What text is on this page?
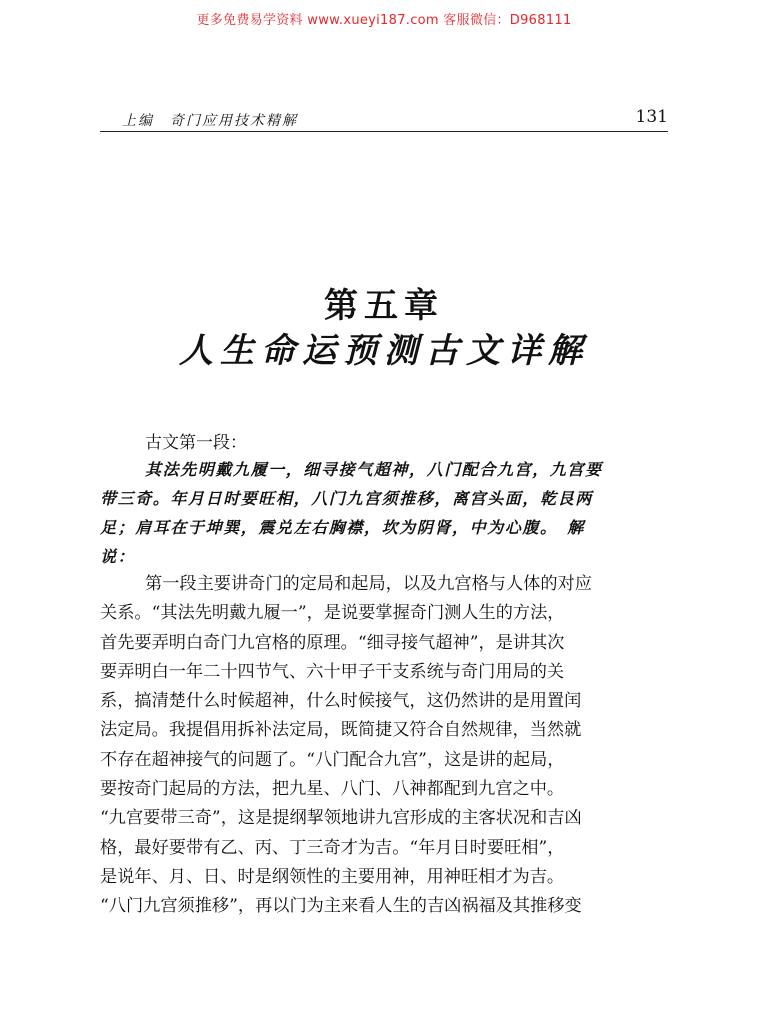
更多免费易学资料 www.xueyi187.com 客服微信：D968111
上编　奇门应用技术精解	131
第五章
人生命运预测古文详解
古文第一段：

其法先明戴九履一，细寻接气超神，八门配合九宫，九宫要

带三奇。年月日时要旺相，八门九宫须推移，离宫头面，乾艮两

足；肩耳在于坤巽，震兑左右胸襟，坎为阴肾，中为心腹。　解

说：

第一段主要讲奇门的定局和起局，以及九宫格与人体的对应

关系。“其法先明戴九履一”，是说要掌握奇门测人生的方法，

首先要弄明白奇门九宫格的原理。“细寻接气超神”，是讲其次

要弄明白一年二十四节气、六十甲子干支系统与奇门用局的关

系，搞清楚什么时候超神，什么时候接气，这仍然讲的是用置闰

法定局。我提倡用拆补法定局，既简捷又符合自然规律，当然就

不存在超神接气的问题了。“八门配合九宫”，这是讲的起局，

要按奇门起局的方法，把九星、八门、八神都配到九宫之中。

“九宫要带三奇”，这是提纲挈领地讲九宫形成的主客状况和吉凶

格，最好要带有乙、丙、丁三奇才为吉。“年月日时要旺相”，

是说年、月、日、时是纲领性的主要用神，用神旺相才为吉。

“八门九宫须推移”，再以门为主来看人生的吉凶祸福及其推移变
